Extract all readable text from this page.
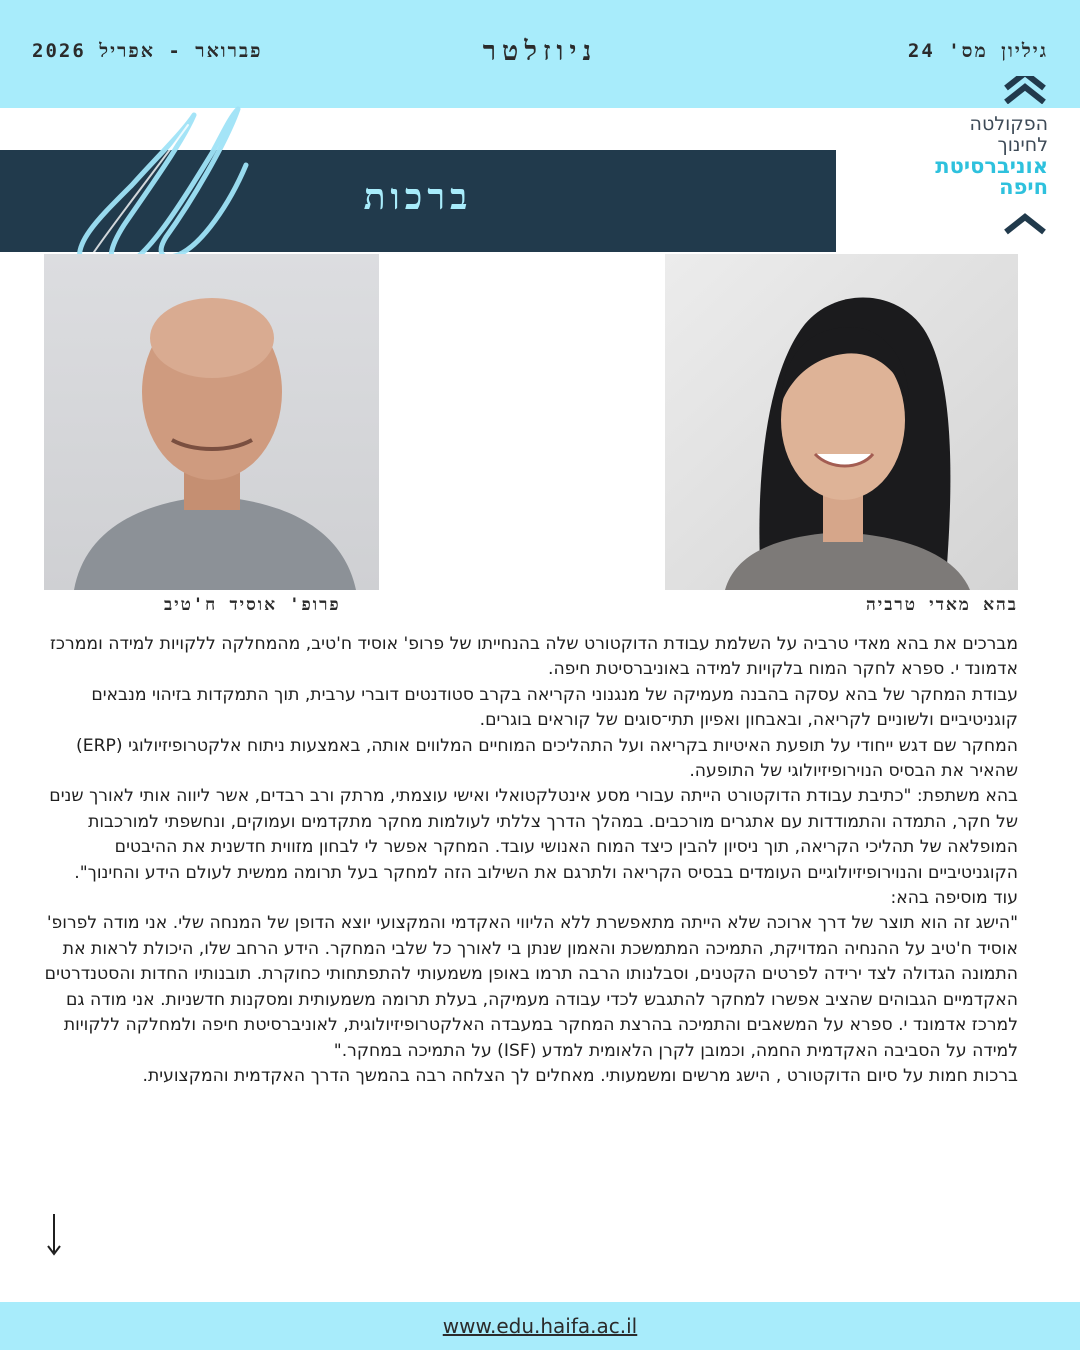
גיליון מס' 24
ניוזלטר
פברואר - אפריל 2026
הפקולטה
לחינוך
אוניברסיטת
חיפה
ברכות
בהא מאדי טרביה
פרופ' אוסיד ח'טיב

מברכים את בהא מאדי טרביה על השלמת עבודת הדוקטורט שלה בהנחייתו של פרופ' אוסיד ח'טיב, מהמחלקה ללקויות למידה וממרכז אדמונד י. ספרא לחקר המוח בלקויות למידה באוניברסיטת חיפה.

עבודת המחקר של בהא עסקה בהבנה מעמיקה של מנגנוני הקריאה בקרב סטודנטים דוברי ערבית, תוך התמקדות בזיהוי מנבאים קוגניטיביים ולשוניים לקריאה, ובאבחון ואפיון תתי־סוגים של קוראים בוגרים.

המחקר שם דגש ייחודי על תופעת האיטיות בקריאה ועל התהליכים המוחיים המלווים אותה, באמצעות ניתוח אלקטרופיזיולוגי (ERP) שהאיר את הבסיס הנוירופיזיולוגי של התופעה.

בהא משתפת: "כתיבת עבודת הדוקטורט הייתה עבורי מסע אינטלקטואלי ואישי עוצמתי, מרתק ורב רבדים, אשר ליווה אותי לאורך שנים של חקר, התמדה והתמודדות עם אתגרים מורכבים. במהלך הדרך צללתי לעולמות מחקר מתקדמים ועמוקים, ונחשפתי למורכבות המופלאה של תהליכי הקריאה, תוך ניסיון להבין כיצד המוח האנושי עובד. המחקר אפשר לי לבחון מזווית חדשנית את ההיבטים הקוגניטיביים והנוירופיזיולוגיים העומדים בבסיס הקריאה ולתרגם את השילוב הזה למחקר בעל תרומה ממשית לעולם הידע והחינוך".

עוד מוסיפה בהא:

"הישג זה הוא תוצר של דרך ארוכה שלא הייתה מתאפשרת ללא הליווי האקדמי והמקצועי יוצא הדופן של המנחה שלי. אני מודה לפרופ' אוסיד ח'טיב על ההנחיה המדויקת, התמיכה המתמשכת והאמון שנתן בי לאורך כל שלבי המחקר. הידע הרחב שלו, היכולת לראות את התמונה הגדולה לצד ירידה לפרטים הקטנים, וסבלנותו הרבה תרמו באופן משמעותי להתפתחותי כחוקרת. תובנותיו החדות והסטנדרטים האקדמיים הגבוהים שהציב אפשרו למחקר להתגבש לכדי עבודה מעמיקה, בעלת תרומה משמעותית ומסקנות חדשניות. אני מודה גם למרכז אדמונד י. ספרא על המשאבים והתמיכה בהרצת המחקר במעבדה האלקטרופיזיולוגית, לאוניברסיטת חיפה ולמחלקה ללקויות למידה על הסביבה האקדמית החמה, וכמובן לקרן הלאומית למדע (ISF) על התמיכה במחקר."

ברכות חמות על סיום הדוקטורט , הישג מרשים ומשמעותי. מאחלים לך הצלחה רבה בהמשך הדרך האקדמית והמקצועית.

www.edu.haifa.ac.il
